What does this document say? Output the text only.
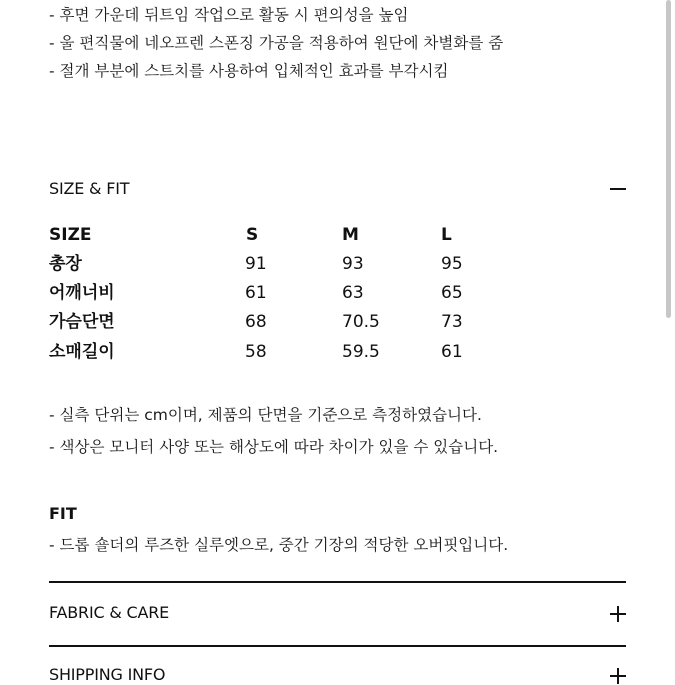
- 후면 가운데 뒤트임 작업으로 활동 시 편의성을 높임
- 울 편직물에 네오프렌 스폰징 가공을 적용하여 원단에 차별화를 줌
- 절개 부분에 스트치를 사용하여 입체적인 효과를 부각시킴
SIZE & FIT
SIZE	S	M	L
총장	91	93	95
어깨너비	61	63	65
가슴단면	68	70.5	73
소매길이	58	59.5	61
- 실측 단위는 cm이며, 제품의 단면을 기준으로 측정하였습니다.
- 색상은 모니터 사양 또는 해상도에 따라 차이가 있을 수 있습니다.
FIT
- 드롭 숄더의 루즈한 실루엣으로, 중간 기장의 적당한 오버핏입니다.
FABRIC & CARE
SHIPPING INFO
